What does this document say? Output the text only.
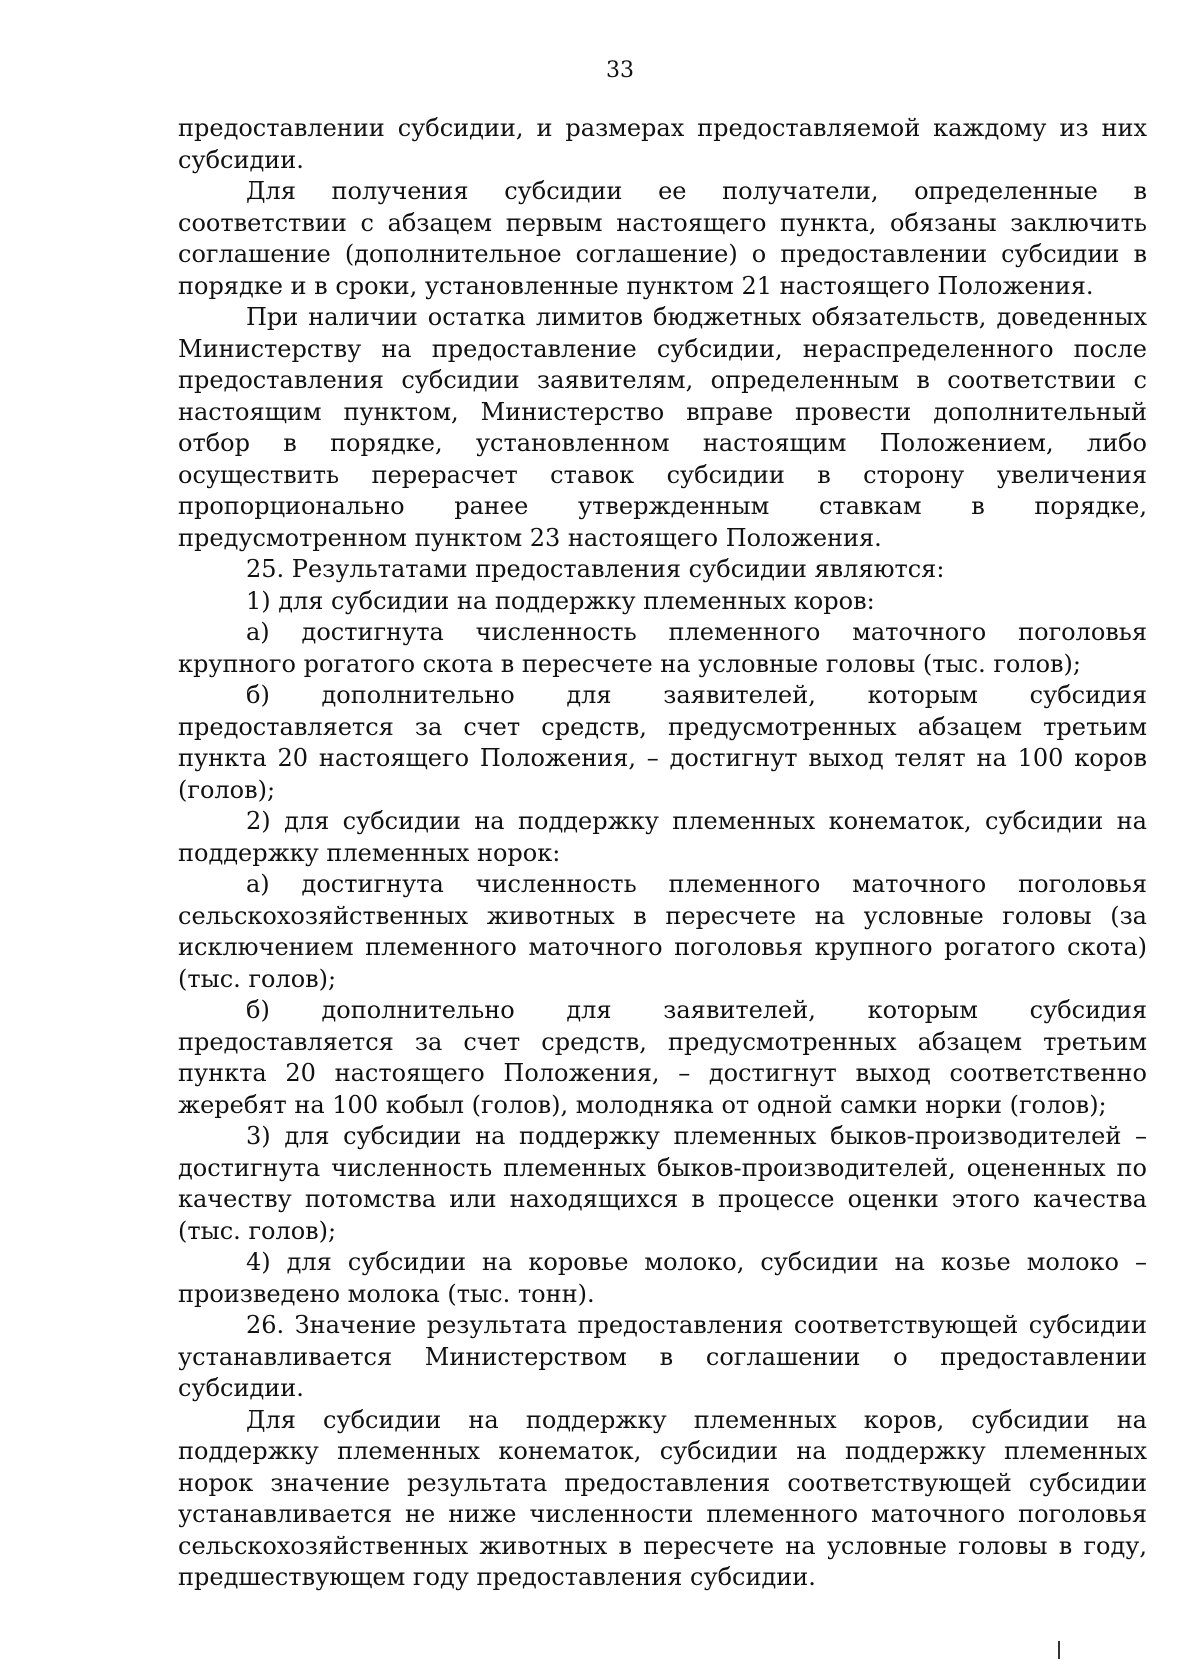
33

предоставлении субсидии, и размерах предоставляемой каждому из них субсидии.

Для получения субсидии ее получатели, определенные в соответствии с абзацем первым настоящего пункта, обязаны заключить соглашение (дополнительное соглашение) о предоставлении субсидии в порядке и в сроки, установленные пунктом 21 настоящего Положения.

При наличии остатка лимитов бюджетных обязательств, доведенных Министерству на предоставление субсидии, нераспределенного после предоставления субсидии заявителям, определенным в соответствии с настоящим пунктом, Министерство вправе провести дополнительный отбор в порядке, установленном настоящим Положением, либо осуществить перерасчет ставок субсидии в сторону увеличения пропорционально ранее утвержденным ставкам в порядке, предусмотренном пунктом 23 настоящего Положения.

25. Результатами предоставления субсидии являются:

1) для субсидии на поддержку племенных коров:

а) достигнута численность племенного маточного поголовья крупного рогатого скота в пересчете на условные головы (тыс. голов);

б) дополнительно для заявителей, которым субсидия предоставляется за счет средств, предусмотренных абзацем третьим пункта 20 настоящего Положения, – достигнут выход телят на 100 коров (голов);

2) для субсидии на поддержку племенных конематок, субсидии на поддержку племенных норок:

а) достигнута численность племенного маточного поголовья сельскохозяйственных животных в пересчете на условные головы (за исключением племенного маточного поголовья крупного рогатого скота) (тыс. голов);

б) дополнительно для заявителей, которым субсидия предоставляется за счет средств, предусмотренных абзацем третьим пункта 20 настоящего Положения, – достигнут выход соответственно жеребят на 100 кобыл (голов), молодняка от одной самки норки (голов);

3) для субсидии на поддержку племенных быков-производителей – достигнута численность племенных быков-производителей, оцененных по качеству потомства или находящихся в процессе оценки этого качества (тыс. голов);

4) для субсидии на коровье молоко, субсидии на козье молоко – произведено молока (тыс. тонн).

26. Значение результата предоставления соответствующей субсидии устанавливается Министерством в соглашении о предоставлении субсидии.

Для субсидии на поддержку племенных коров, субсидии на поддержку племенных конематок, субсидии на поддержку племенных норок значение результата предоставления соответствующей субсидии устанавливается не ниже численности племенного маточного поголовья сельскохозяйственных животных в пересчете на условные головы в году, предшествующем году предоставления субсидии.
